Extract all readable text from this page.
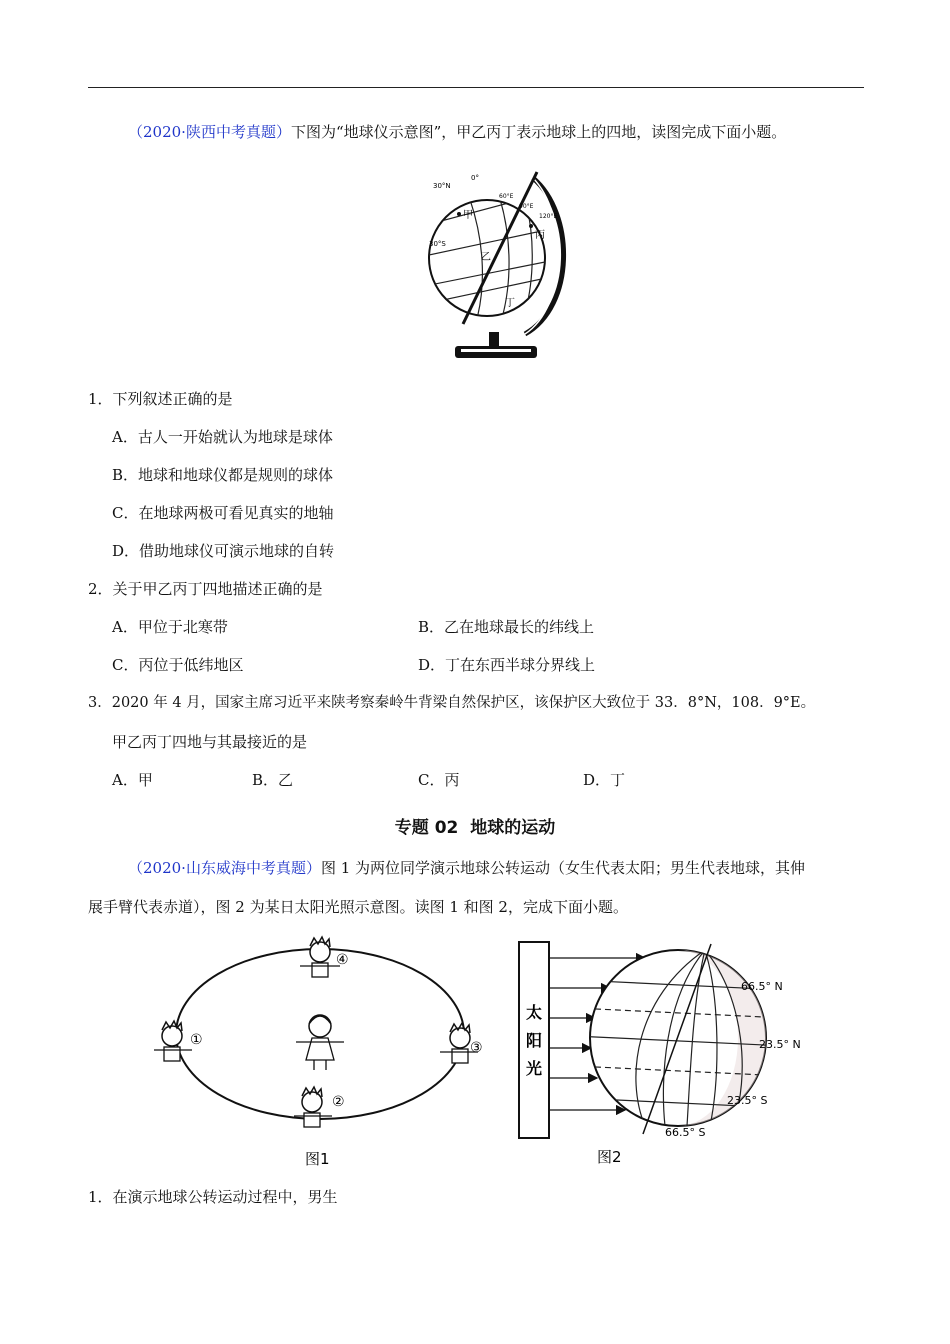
（2020·陕西中考真题）下图为“地球仪示意图”，甲乙丙丁表示地球上的四地，读图完成下面小题。
30°N
0°
60°E
90°E
120°E
30°S
甲
乙
丙
丁
1．下列叙述正确的是
A．古人一开始就认为地球是球体
B．地球和地球仪都是规则的球体
C．在地球两极可看见真实的地轴
D．借助地球仪可演示地球的自转
2．关于甲乙丙丁四地描述正确的是
A．甲位于北寒带	B．乙在地球最长的纬线上
C．丙位于低纬地区	D．丁在东西半球分界线上
3．2020 年 4 月，国家主席习近平来陕考察秦岭牛背梁自然保护区，该保护区大致位于 33．8°N，108．9°E。
甲乙丙丁四地与其最接近的是
A．甲	B．乙	C．丙	D．丁
专题 02  地球的运动
（2020·山东威海中考真题）图 1 为两位同学演示地球公转运动（女生代表太阳；男生代表地球，其伸
展手臂代表赤道），图 2 为某日太阳光照示意图。读图 1 和图 2，完成下面小题。
④
①	③
②
图1
太
阳
光
66.5° N
23.5° N
23.5° S
66.5° S
图2
1．在演示地球公转运动过程中，男生
